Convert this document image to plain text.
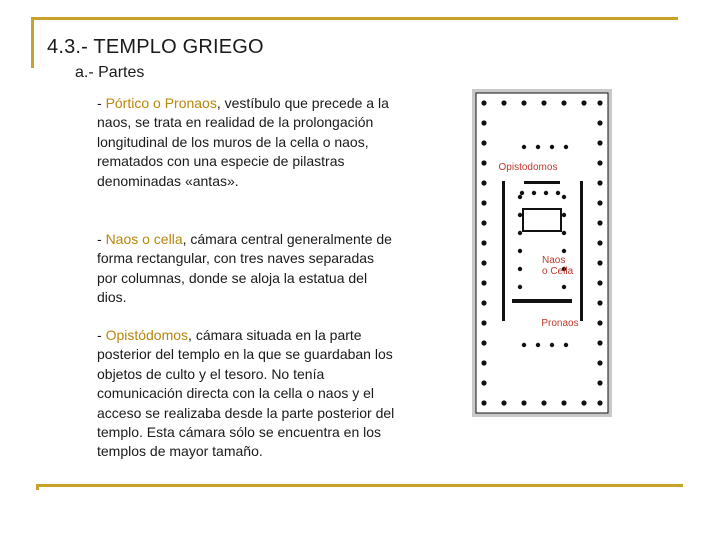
4.3.- TEMPLO GRIEGO
a.- Partes
- Pórtico o Pronaos, vestíbulo que precede a la naos, se trata en realidad de la prolongación longitudinal de los muros de la cella o naos, rematados con una especie de pilastras denominadas «antas».
- Naos o cella, cámara central generalmente de forma rectangular, con tres naves separadas por columnas, donde se aloja la estatua del dios.
- Opistódomos, cámara situada en la parte posterior del templo en la que se guardaban los objetos de culto y el tesoro. No tenía comunicación directa con la cella o naos y el acceso se realizaba desde la parte posterior del templo. Esta cámara sólo se encuentra en los templos de mayor tamaño.
Opistodomos
Naos
o Cella
Pronaos
